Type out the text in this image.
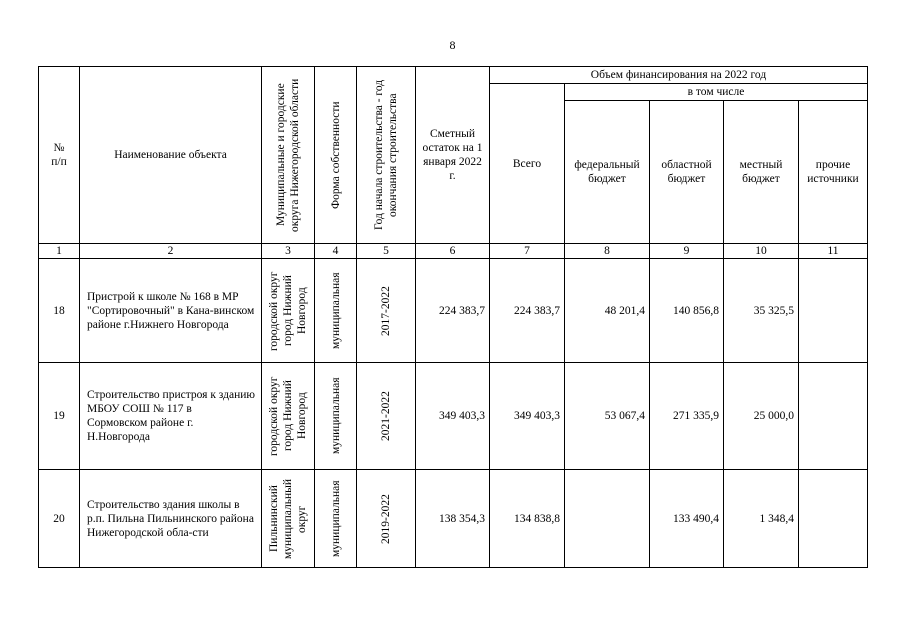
8
№
п/п	Наименование объекта	Муниципальные и городские округа Нижегородской области	Форма собственности	Год начала строительства - год окончания строительства	Сметный остаток на 1 января 2022 г.	Объем финансирования на 2022 год				
						Всего	в том числе			
							федеральный бюджет	областной бюджет	местный бюджет	прочие источники
1	2	3	4	5	6	7	8	9	10	11
18	Пристрой к школе № 168 в МР "Сортировочный" в Кана-винском районе г.Нижнего Новгорода	городской округ город Нижний Новгород	муниципальная	2017-2022	224 383,7	224 383,7	48 201,4	140 856,8	35 325,5	
19	Строительство пристроя к зданию МБОУ СОШ № 117 в Сормовском районе г. Н.Новгорода	городской округ город Нижний Новгород	муниципальная	2021-2022	349 403,3	349 403,3	53 067,4	271 335,9	25 000,0	
20	Строительство здания школы в р.п. Пильна Пильнинского района Нижегородской обла-сти	Пильнинский муниципальный округ	муниципальная	2019-2022	138 354,3	134 838,8		133 490,4	1 348,4	
